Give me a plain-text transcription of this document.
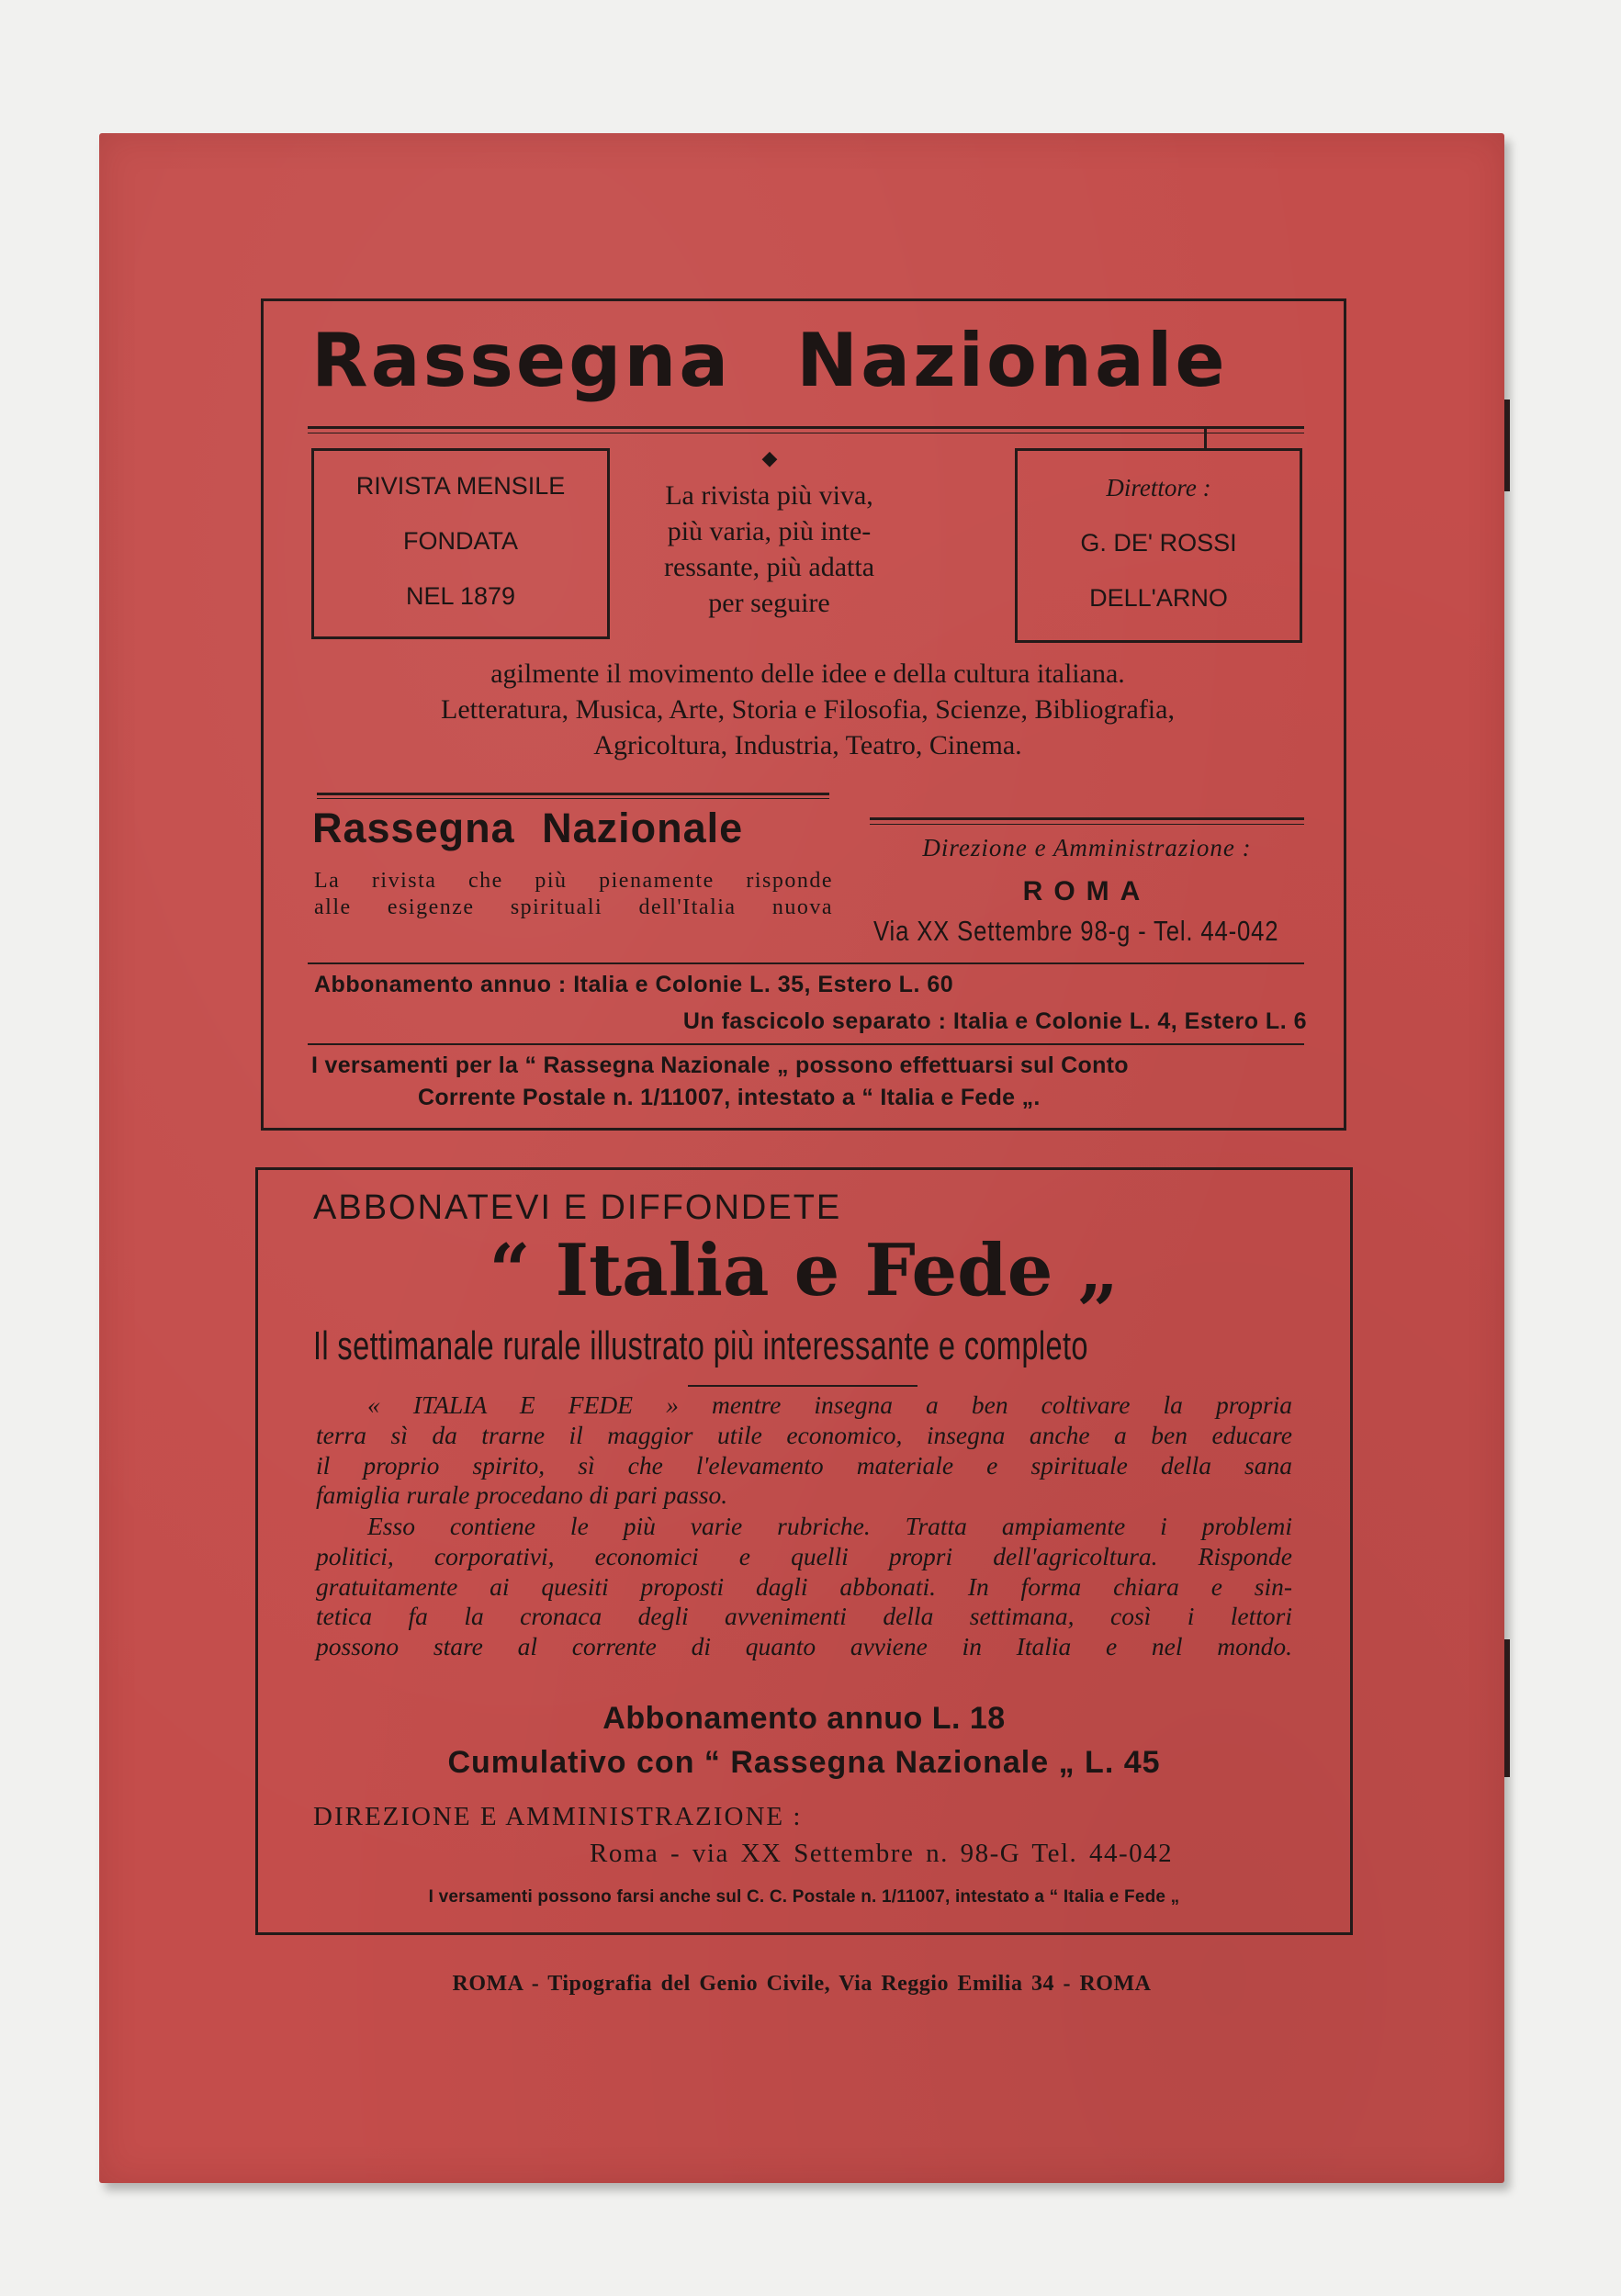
Rassegna Nazionale
RIVISTA MENSILE
FONDATA
NEL 1879
◆
La rivista più viva,
più varia, più inte-
ressante, più adatta
per seguire
Direttore :
G. DE' ROSSI
DELL'ARNO
agilmente il movimento delle idee e della cultura italiana.
Letteratura, Musica, Arte, Storia e Filosofia, Scienze, Bibliografia,
Agricoltura, Industria, Teatro, Cinema.
Rassegna Nazionale
La rivista che più pienamente risponde
alle esigenze spirituali dell'Italia nuova
Direzione e Amministrazione :
ROMA
Via XX Settembre 98-g - Tel. 44-042
Abbonamento annuo : Italia e Colonie L. 35, Estero L. 60
Un fascicolo separato : Italia e Colonie L. 4, Estero L. 6
I versamenti per la “ Rassegna Nazionale „ possono effettuarsi sul Conto
Corrente Postale n. 1/11007, intestato a “ Italia e Fede „.
ABBONATEVI E DIFFONDETE
“ Italia e Fede „
Il settimanale rurale illustrato più interessante e completo
« ITALIA E FEDE » mentre insegna a ben coltivare la propria
terra sì da trarne il maggior utile economico, insegna anche a ben educare
il proprio spirito, sì che l'elevamento materiale e spirituale della sana
famiglia rurale procedano di pari passo.
Esso contiene le più varie rubriche. Tratta ampiamente i problemi
politici, corporativi, economici e quelli propri dell'agricoltura. Risponde
gratuitamente ai quesiti proposti dagli abbonati. In forma chiara e sin-
tetica fa la cronaca degli avvenimenti della settimana, così i lettori
possono stare al corrente di quanto avviene in Italia e nel mondo.
Abbonamento annuo L. 18
Cumulativo con “ Rassegna Nazionale „ L. 45
DIREZIONE E AMMINISTRAZIONE :
Roma - via XX Settembre n. 98-G Tel. 44-042
I versamenti possono farsi anche sul C. C. Postale n. 1/11007, intestato a “ Italia e Fede „
ROMA - Tipografia del Genio Civile, Via Reggio Emilia 34 - ROMA
